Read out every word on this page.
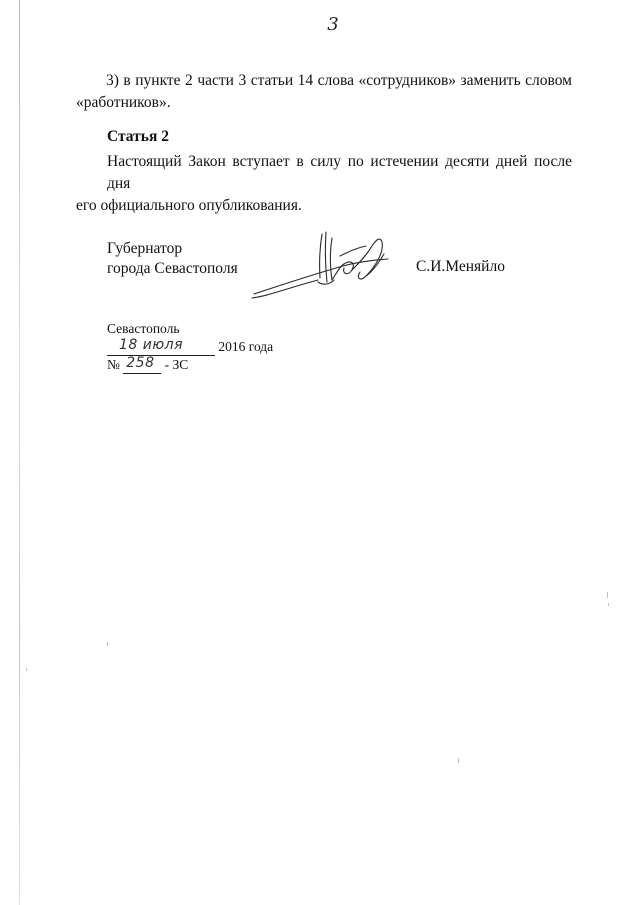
3

3) в пункте 2 части 3 статьи 14 слова «сотрудников» заменить словом
«работников».

Статья 2

Настоящий Закон вступает в силу по истечении десяти дней после дня
его официального опубликования.

Губернатор
города Севастополя	С.И.Меняйло
Севастополь
18 июля	2016 года
№ 258 - ЗС
